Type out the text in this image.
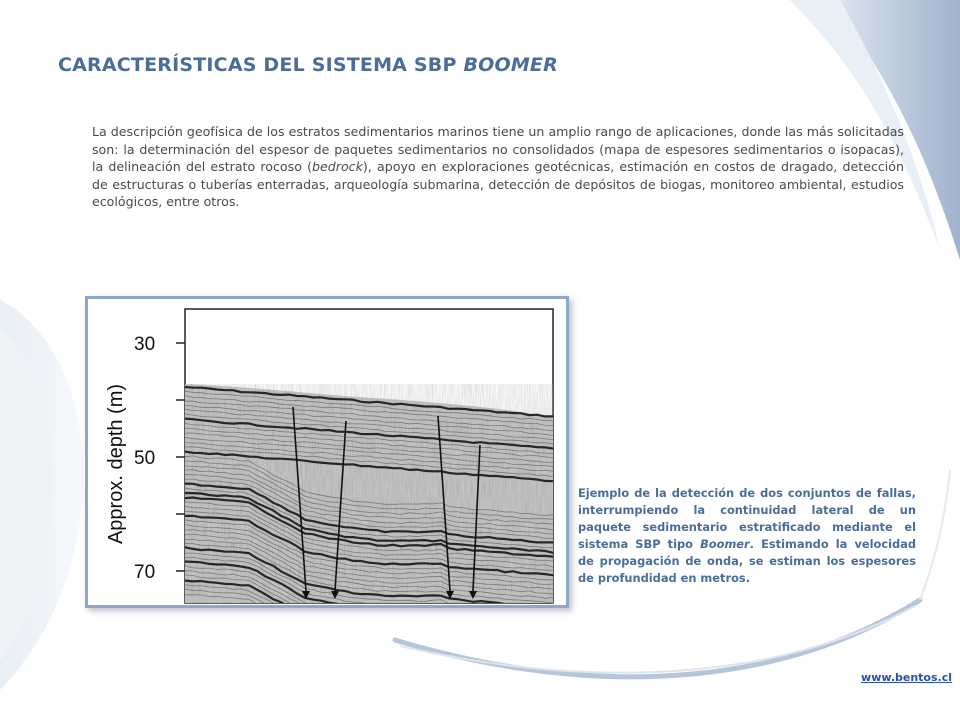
CARACTERÍSTICAS DEL SISTEMA SBP BOOMER
La descripción geofísica de los estratos sedimentarios marinos tiene un amplio rango de aplicaciones, donde las más solicitadas son: la determinación del espesor de paquetes sedimentarios no consolidados (mapa de espesores sedimentarios o isopacas), la delineación del estrato rocoso (bedrock), apoyo en exploraciones geotécnicas, estimación en costos de dragado, detección de estructuras o tuberías enterradas, arqueología submarina, detección de depósitos de biogas, monitoreo ambiental, estudios ecológicos, entre otros.
30
50
70
Approx. depth (m)	Ejemplo de la detección de dos conjuntos de fallas, interrumpiendo la continuidad lateral de un paquete sedimentario estratificado mediante el sistema SBP tipo Boomer. Estimando la velocidad de propagación de onda, se estiman los espesores de profundidad en metros.
www.bentos.cl
